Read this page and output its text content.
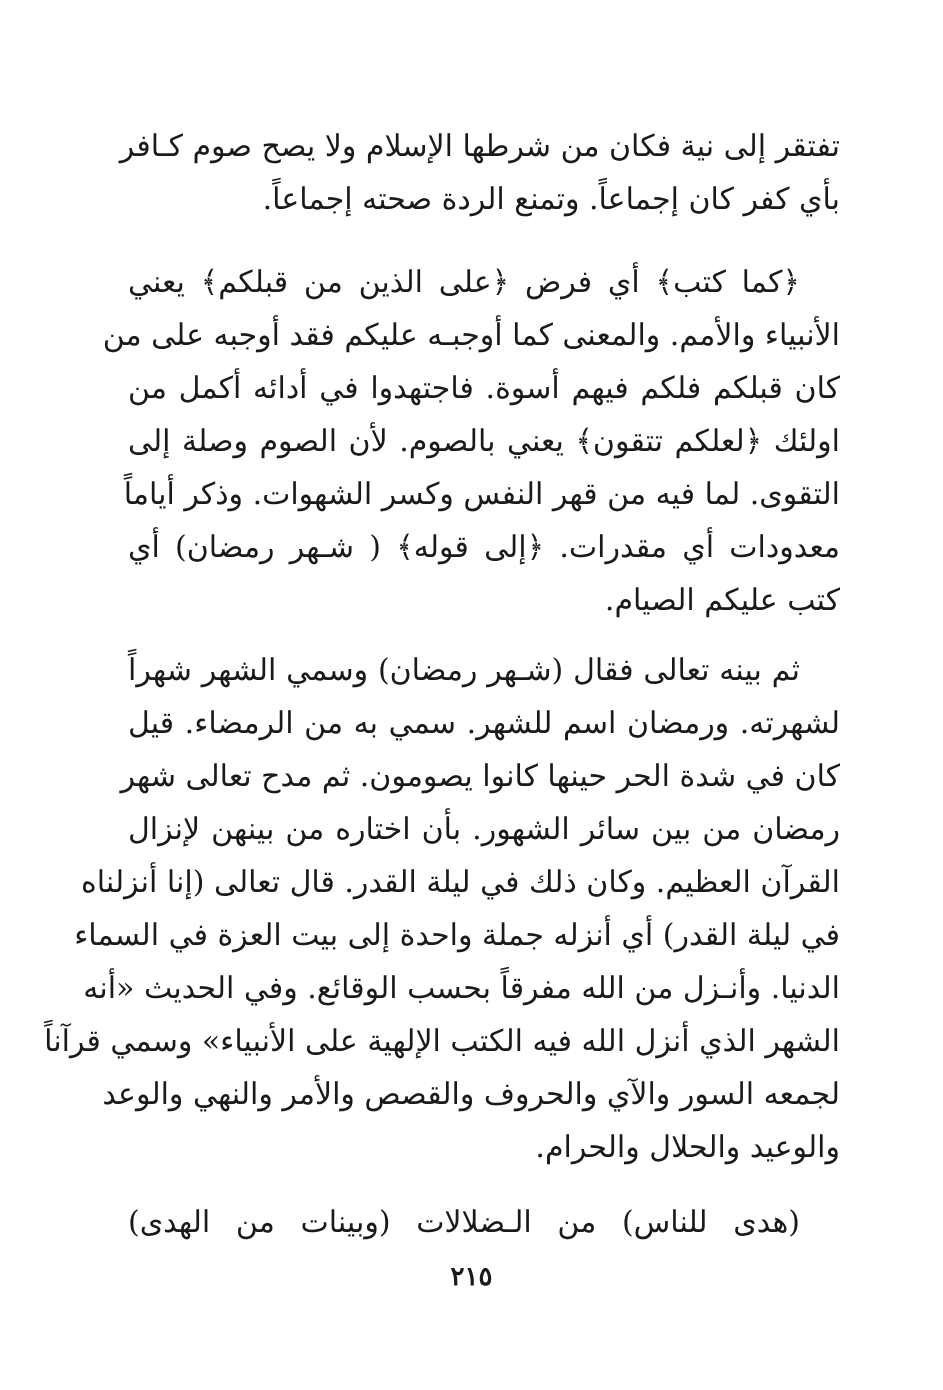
تفتقر إلى نية فكان من شرطها الإسلام ولا يصح صوم كـافر
بأي كفر كان إجماعاً. وتمنع الردة صحته إجماعاً.
﴿كما كتب﴾ أي فرض ﴿على الذين من قبلكم﴾ يعني
الأنبياء والأمم. والمعنى كما أوجبـه عليكم فقد أوجبه على من
كان قبلكم فلكم فيهم أسوة. فاجتهدوا في أدائه أكمل من
اولئك ﴿لعلكم تتقون﴾ يعني بالصوم. لأن الصوم وصلة إلى
التقوى. لما فيه من قهر النفس وكسر الشهوات. وذكر أياماً
معدودات أي مقدرات. ﴿إلى قوله﴾ ( شـهر رمضان) أي
كتب عليكم الصيام.
ثم بينه تعالى فقال (شـهر رمضان) وسمي الشهر شهراً
لشهرته. ورمضان اسم للشهر. سمي به من الرمضاء. قيل
كان في شدة الحر حينها كانوا يصومون. ثم مدح تعالى شهر
رمضان من بين سائر الشهور. بأن اختاره من بينهن لإنزال
القرآن العظيم. وكان ذلك في ليلة القدر. قال تعالى (إنا أنزلناه
في ليلة القدر) أي أنزله جملة واحدة إلى بيت العزة في السماء
الدنيا. وأنـزل من الله مفرقاً بحسب الوقائع. وفي الحديث «أنه
الشهر الذي أنزل الله فيه الكتب الإلهية على الأنبياء» وسمي قرآناً
لجمعه السور والآي والحروف والقصص والأمر والنهي والوعد
والوعيد والحلال والحرام.
(هدى للناس) من الـضلالات (وبينات من الهدى)
٢١٥
